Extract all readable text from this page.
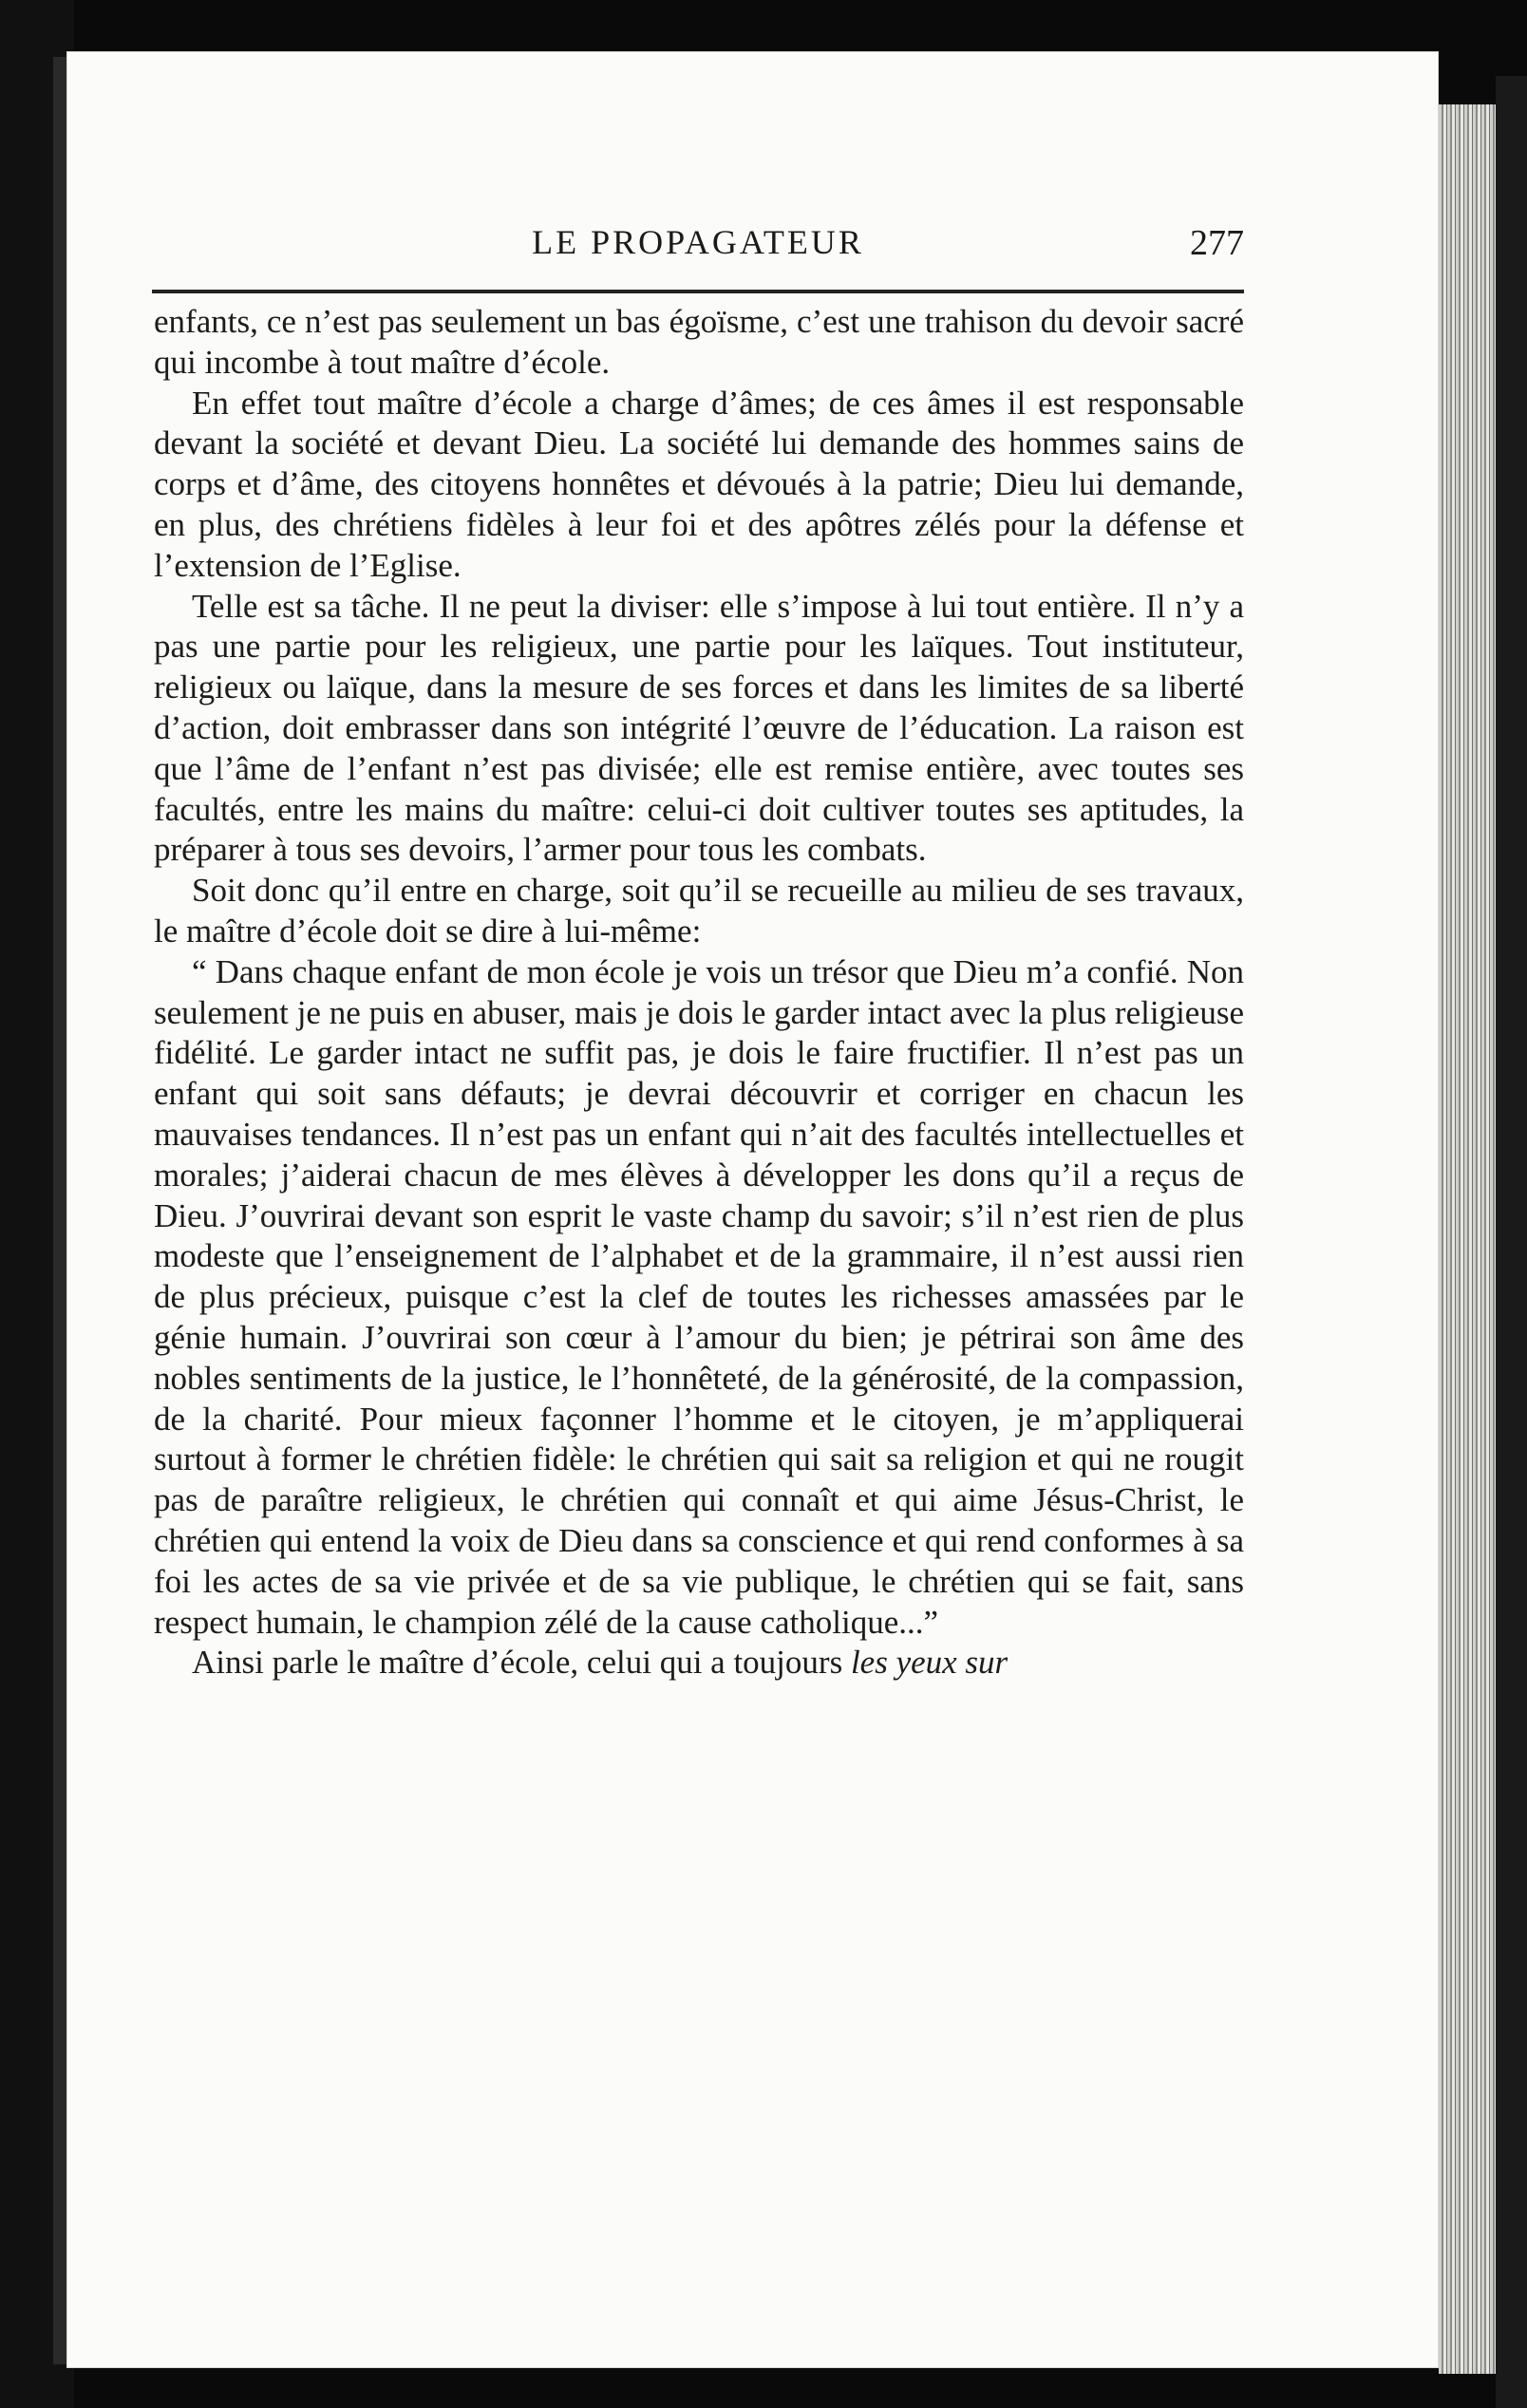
LE PROPAGATEUR	277

enfants, ce n’est pas seulement un bas égoïsme, c’est une trahison du devoir sacré qui incombe à tout maître d’école.

En effet tout maître d’école a charge d’âmes; de ces âmes il est responsable devant la société et devant Dieu. La société lui demande des hommes sains de corps et d’âme, des citoyens honnêtes et dévoués à la patrie; Dieu lui demande, en plus, des chrétiens fidèles à leur foi et des apôtres zélés pour la défense et l’extension de l’Eglise.

Telle est sa tâche. Il ne peut la diviser: elle s’impose à lui tout entière. Il n’y a pas une partie pour les religieux, une partie pour les laïques. Tout instituteur, religieux ou laïque, dans la mesure de ses forces et dans les limites de sa liberté d’action, doit embrasser dans son intégrité l’œuvre de l’éducation. La raison est que l’âme de l’enfant n’est pas divisée; elle est remise entière, avec toutes ses facultés, entre les mains du maître: celui-ci doit cultiver toutes ses aptitudes, la préparer à tous ses devoirs, l’armer pour tous les combats.

Soit donc qu’il entre en charge, soit qu’il se recueille au milieu de ses travaux, le maître d’école doit se dire à lui-même:

“ Dans chaque enfant de mon école je vois un trésor que Dieu m’a confié. Non seulement je ne puis en abuser, mais je dois le garder intact avec la plus religieuse fidélité. Le garder intact ne suffit pas, je dois le faire fructifier. Il n’est pas un enfant qui soit sans défauts; je devrai découvrir et corriger en chacun les mauvaises tendances. Il n’est pas un enfant qui n’ait des facultés intellectuelles et morales; j’aiderai chacun de mes élèves à développer les dons qu’il a reçus de Dieu. J’ouvrirai devant son esprit le vaste champ du savoir; s’il n’est rien de plus modeste que l’enseignement de l’alphabet et de la grammaire, il n’est aussi rien de plus précieux, puisque c’est la clef de toutes les richesses amassées par le génie humain. J’ouvrirai son cœur à l’amour du bien; je pétrirai son âme des nobles sentiments de la justice, le l’honnêteté, de la générosité, de la compassion, de la charité. Pour mieux façonner l’homme et le citoyen, je m’appliquerai surtout à former le chrétien fidèle: le chrétien qui sait sa religion et qui ne rougit pas de paraître religieux, le chrétien qui connaît et qui aime Jésus-Christ, le chrétien qui entend la voix de Dieu dans sa conscience et qui rend conformes à sa foi les actes de sa vie privée et de sa vie publique, le chrétien qui se fait, sans respect humain, le champion zélé de la cause catholique...”

Ainsi parle le maître d’école, celui qui a toujours les yeux sur
